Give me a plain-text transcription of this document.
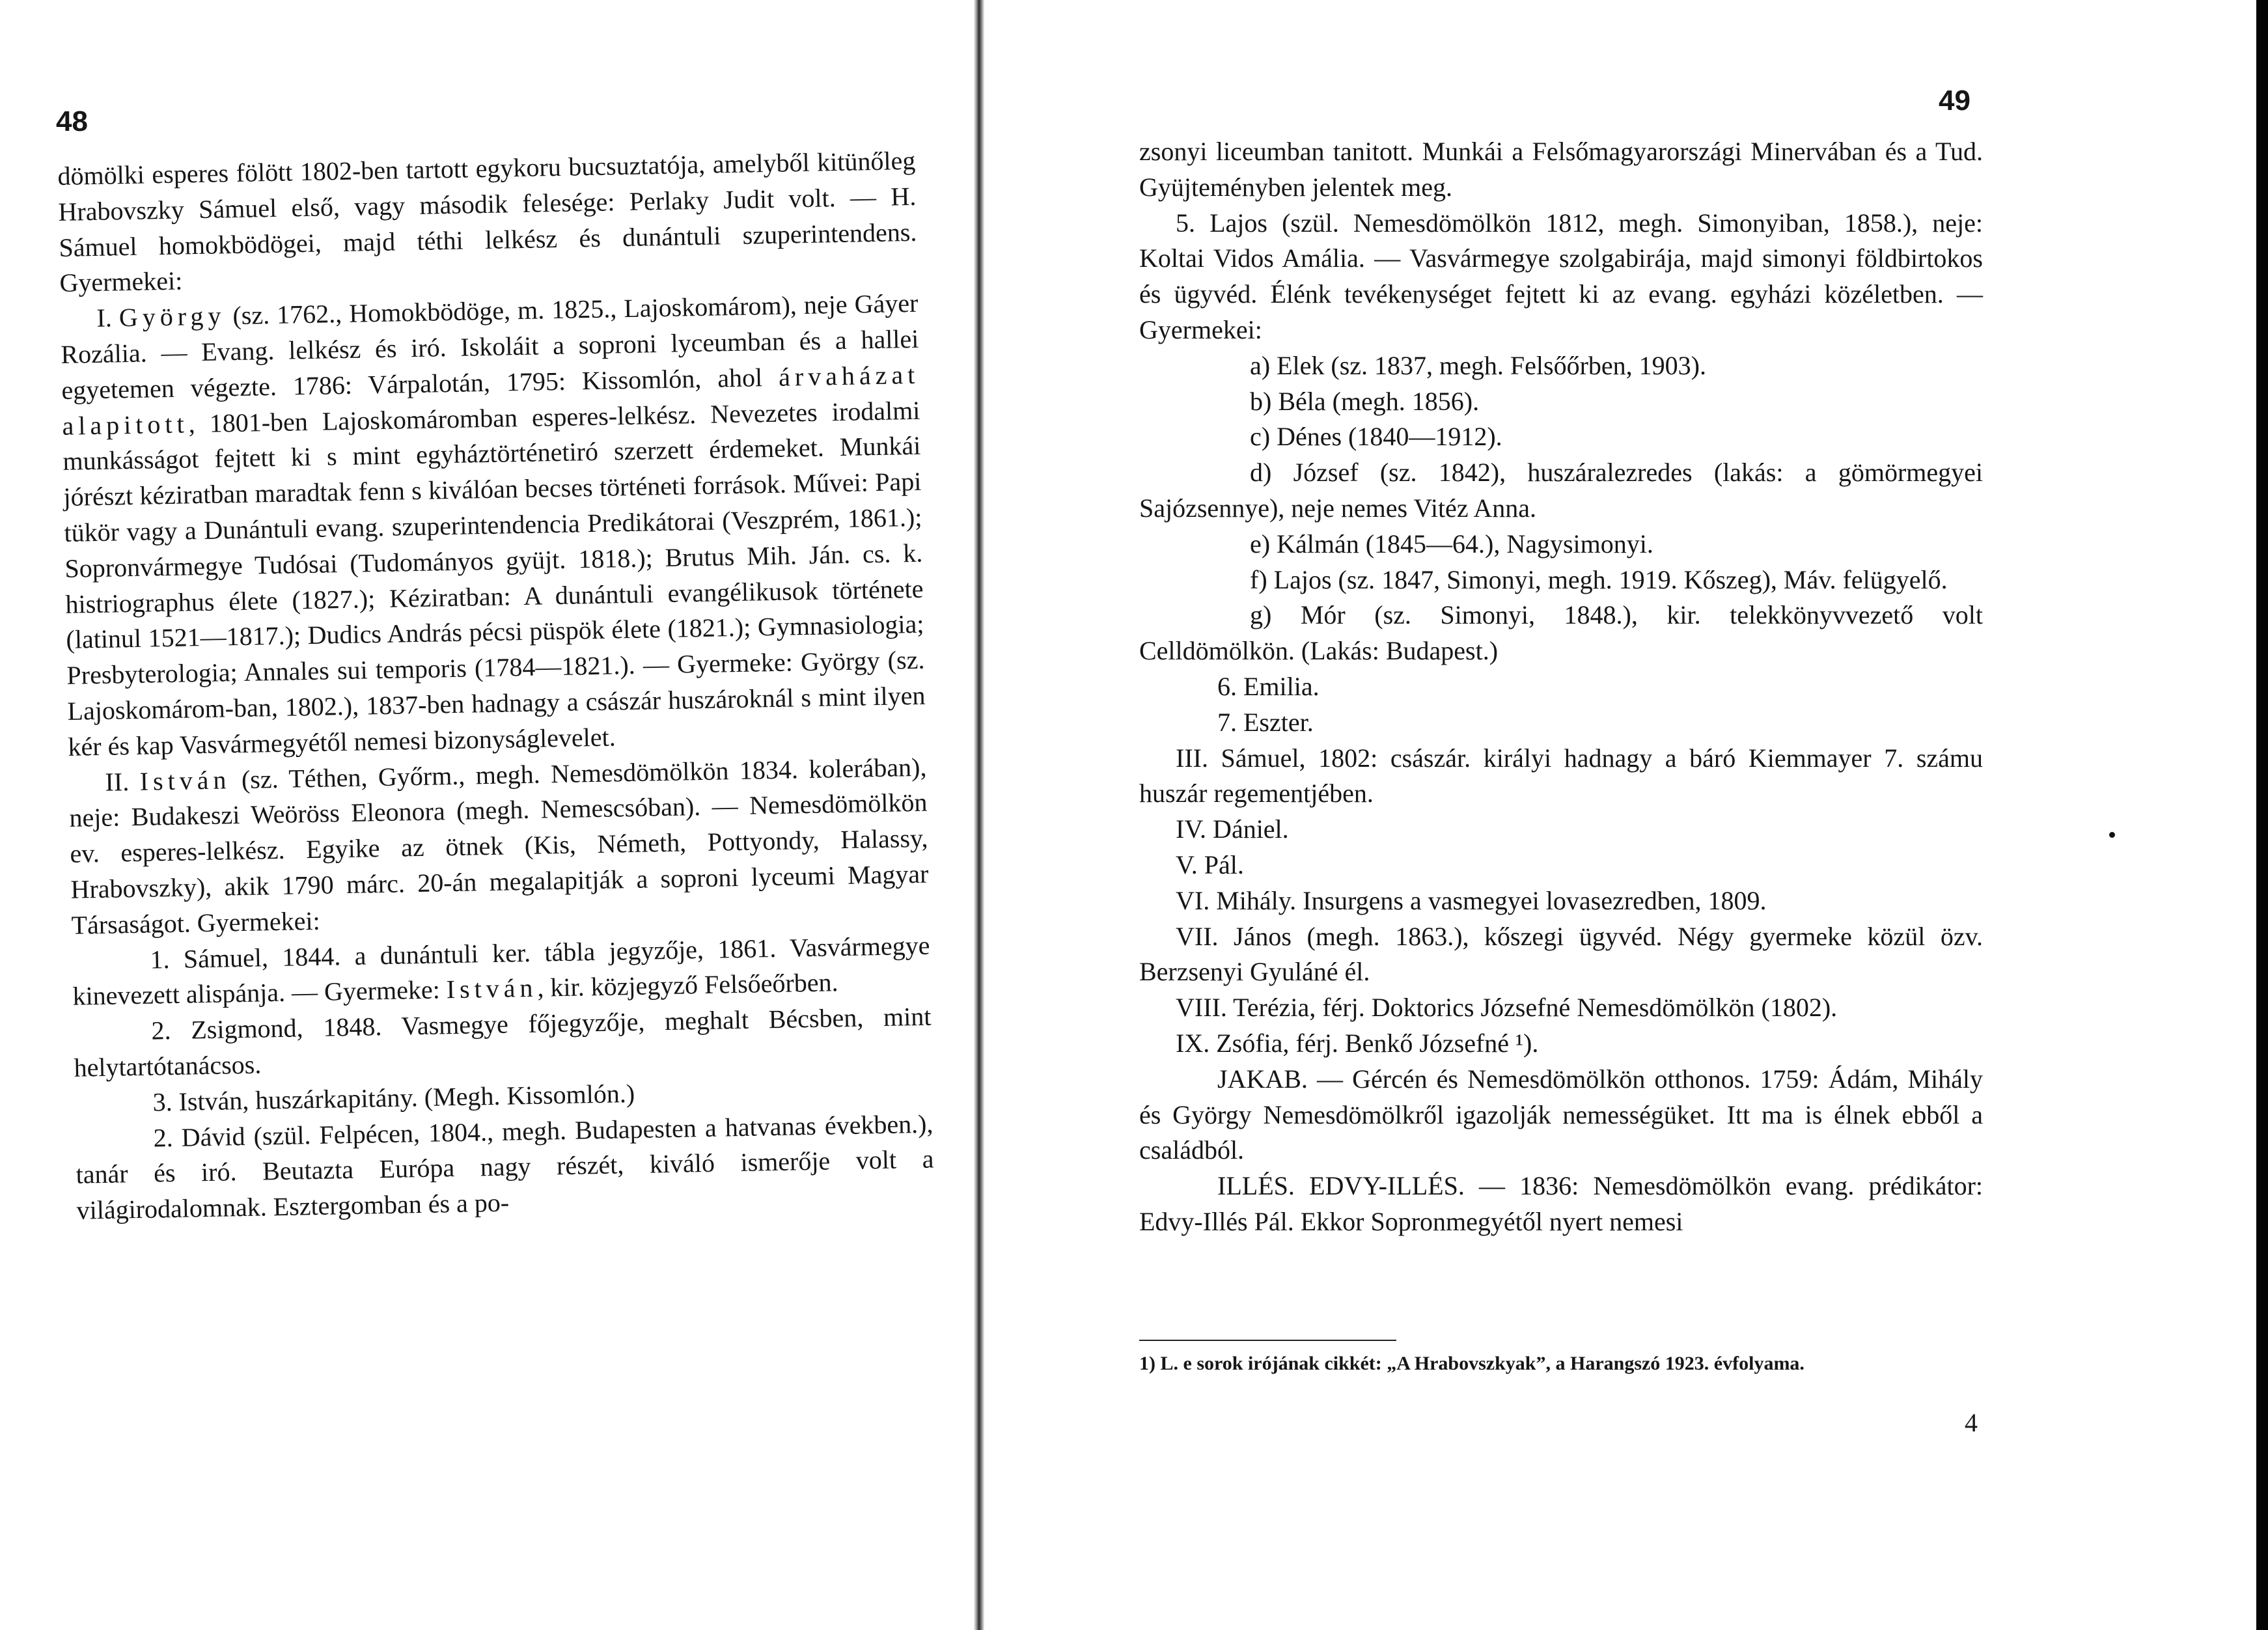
48

dömölki esperes fölött 1802-ben tartott egykoru bucsuztatója, amelyből kitünőleg Hrabovszky Sámuel első, vagy második felesége: Perlaky Judit volt. — H. Sámuel homokbödögei, majd téthi lelkész és dunántuli szuperintendens. Gyermekei:

I. György (sz. 1762., Homokbödöge, m. 1825., Lajoskomárom), neje Gáyer Rozália. — Evang. lelkész és iró. Iskoláit a soproni lyceumban és a hallei egyetemen végezte. 1786: Várpalotán, 1795: Kissomlón, ahol árvaházat alapitott, 1801-ben Lajoskomáromban esperes-lelkész. Nevezetes irodalmi munkásságot fejtett ki s mint egyháztörténetiró szerzett érdemeket. Munkái jórészt kéziratban maradtak fenn s kiválóan becses történeti források. Művei: Papi tükör vagy a Dunántuli evang. szuperintendencia Predikátorai (Veszprém, 1861.); Sopronvármegye Tudósai (Tudományos gyüjt. 1818.); Brutus Mih. Ján. cs. k. histriographus élete (1827.); Kéziratban: A dunántuli evangélikusok története (latinul 1521—1817.); Dudics András pécsi püspök élete (1821.); Gymnasiologia; Presbyterologia; Annales sui temporis (1784—1821.). — Gyermeke: György (sz. Lajoskomárom-ban, 1802.), 1837-ben hadnagy a császár huszároknál s mint ilyen kér és kap Vasvármegyétől nemesi bizonyságlevelet.

II. István (sz. Téthen, Győrm., megh. Nemesdömölkön 1834. kolerában), neje: Budakeszi Weöröss Eleonora (megh. Nemescsóban). — Nemesdömölkön ev. esperes-lelkész. Egyike az ötnek (Kis, Németh, Pottyondy, Halassy, Hrabovszky), akik 1790 márc. 20-án megalapitják a soproni lyceumi Magyar Társaságot. Gyermekei:

1. Sámuel, 1844. a dunántuli ker. tábla jegyzője, 1861. Vasvármegye kinevezett alispánja. — Gyermeke: István, kir. közjegyző Felsőeőrben.

2. Zsigmond, 1848. Vasmegye főjegyzője, meghalt Bécsben, mint helytartótanácsos.

3. István, huszárkapitány. (Megh. Kissomlón.)

2. Dávid (szül. Felpécen, 1804., megh. Budapesten a hatvanas években.), tanár és iró. Beutazta Európa nagy részét, kiváló ismerője volt a világirodalomnak. Esztergomban és a po-

49

zsonyi liceumban tanitott. Munkái a Felsőmagyarországi Minervában és a Tud. Gyüjteményben jelentek meg.

5. Lajos (szül. Nemesdömölkön 1812, megh. Simonyiban, 1858.), neje: Koltai Vidos Amália. — Vasvármegye szolgabirája, majd simonyi földbirtokos és ügyvéd. Élénk tevékenységet fejtett ki az evang. egyházi közéletben. — Gyermekei:

a) Elek (sz. 1837, megh. Felsőőrben, 1903).

b) Béla (megh. 1856).

c) Dénes (1840—1912).

d) József (sz. 1842), huszáralezredes (lakás: a gömörmegyei Sajózsennye), neje nemes Vitéz Anna.

e) Kálmán (1845—64.), Nagysimonyi.

f) Lajos (sz. 1847, Simonyi, megh. 1919. Kőszeg), Máv. felügyelő.

g) Mór (sz. Simonyi, 1848.), kir. telekkönyvvezető volt Celldömölkön. (Lakás: Budapest.)

6. Emilia.

7. Eszter.

III. Sámuel, 1802: császár. királyi hadnagy a báró Kiemmayer 7. számu huszár regementjében.

IV. Dániel.

V. Pál.

VI. Mihály. Insurgens a vasmegyei lovasezredben, 1809.

VII. János (megh. 1863.), kőszegi ügyvéd. Négy gyermeke közül özv. Berzsenyi Gyuláné él.

VIII. Terézia, férj. Doktorics Józsefné Nemesdömölkön (1802).

IX. Zsófia, férj. Benkő Józsefné ¹).

JAKAB. — Gércén és Nemesdömölkön otthonos. 1759: Ádám, Mihály és György Nemesdömölkről igazolják nemességüket. Itt ma is élnek ebből a családból.

ILLÉS. EDVY-ILLÉS. — 1836: Nemesdömölkön evang. prédikátor: Edvy-Illés Pál. Ekkor Sopronmegyétől nyert nemesi

1) L. e sorok irójának cikkét: „A Hrabovszkyak”, a Harangszó 1923. évfolyama.

4
